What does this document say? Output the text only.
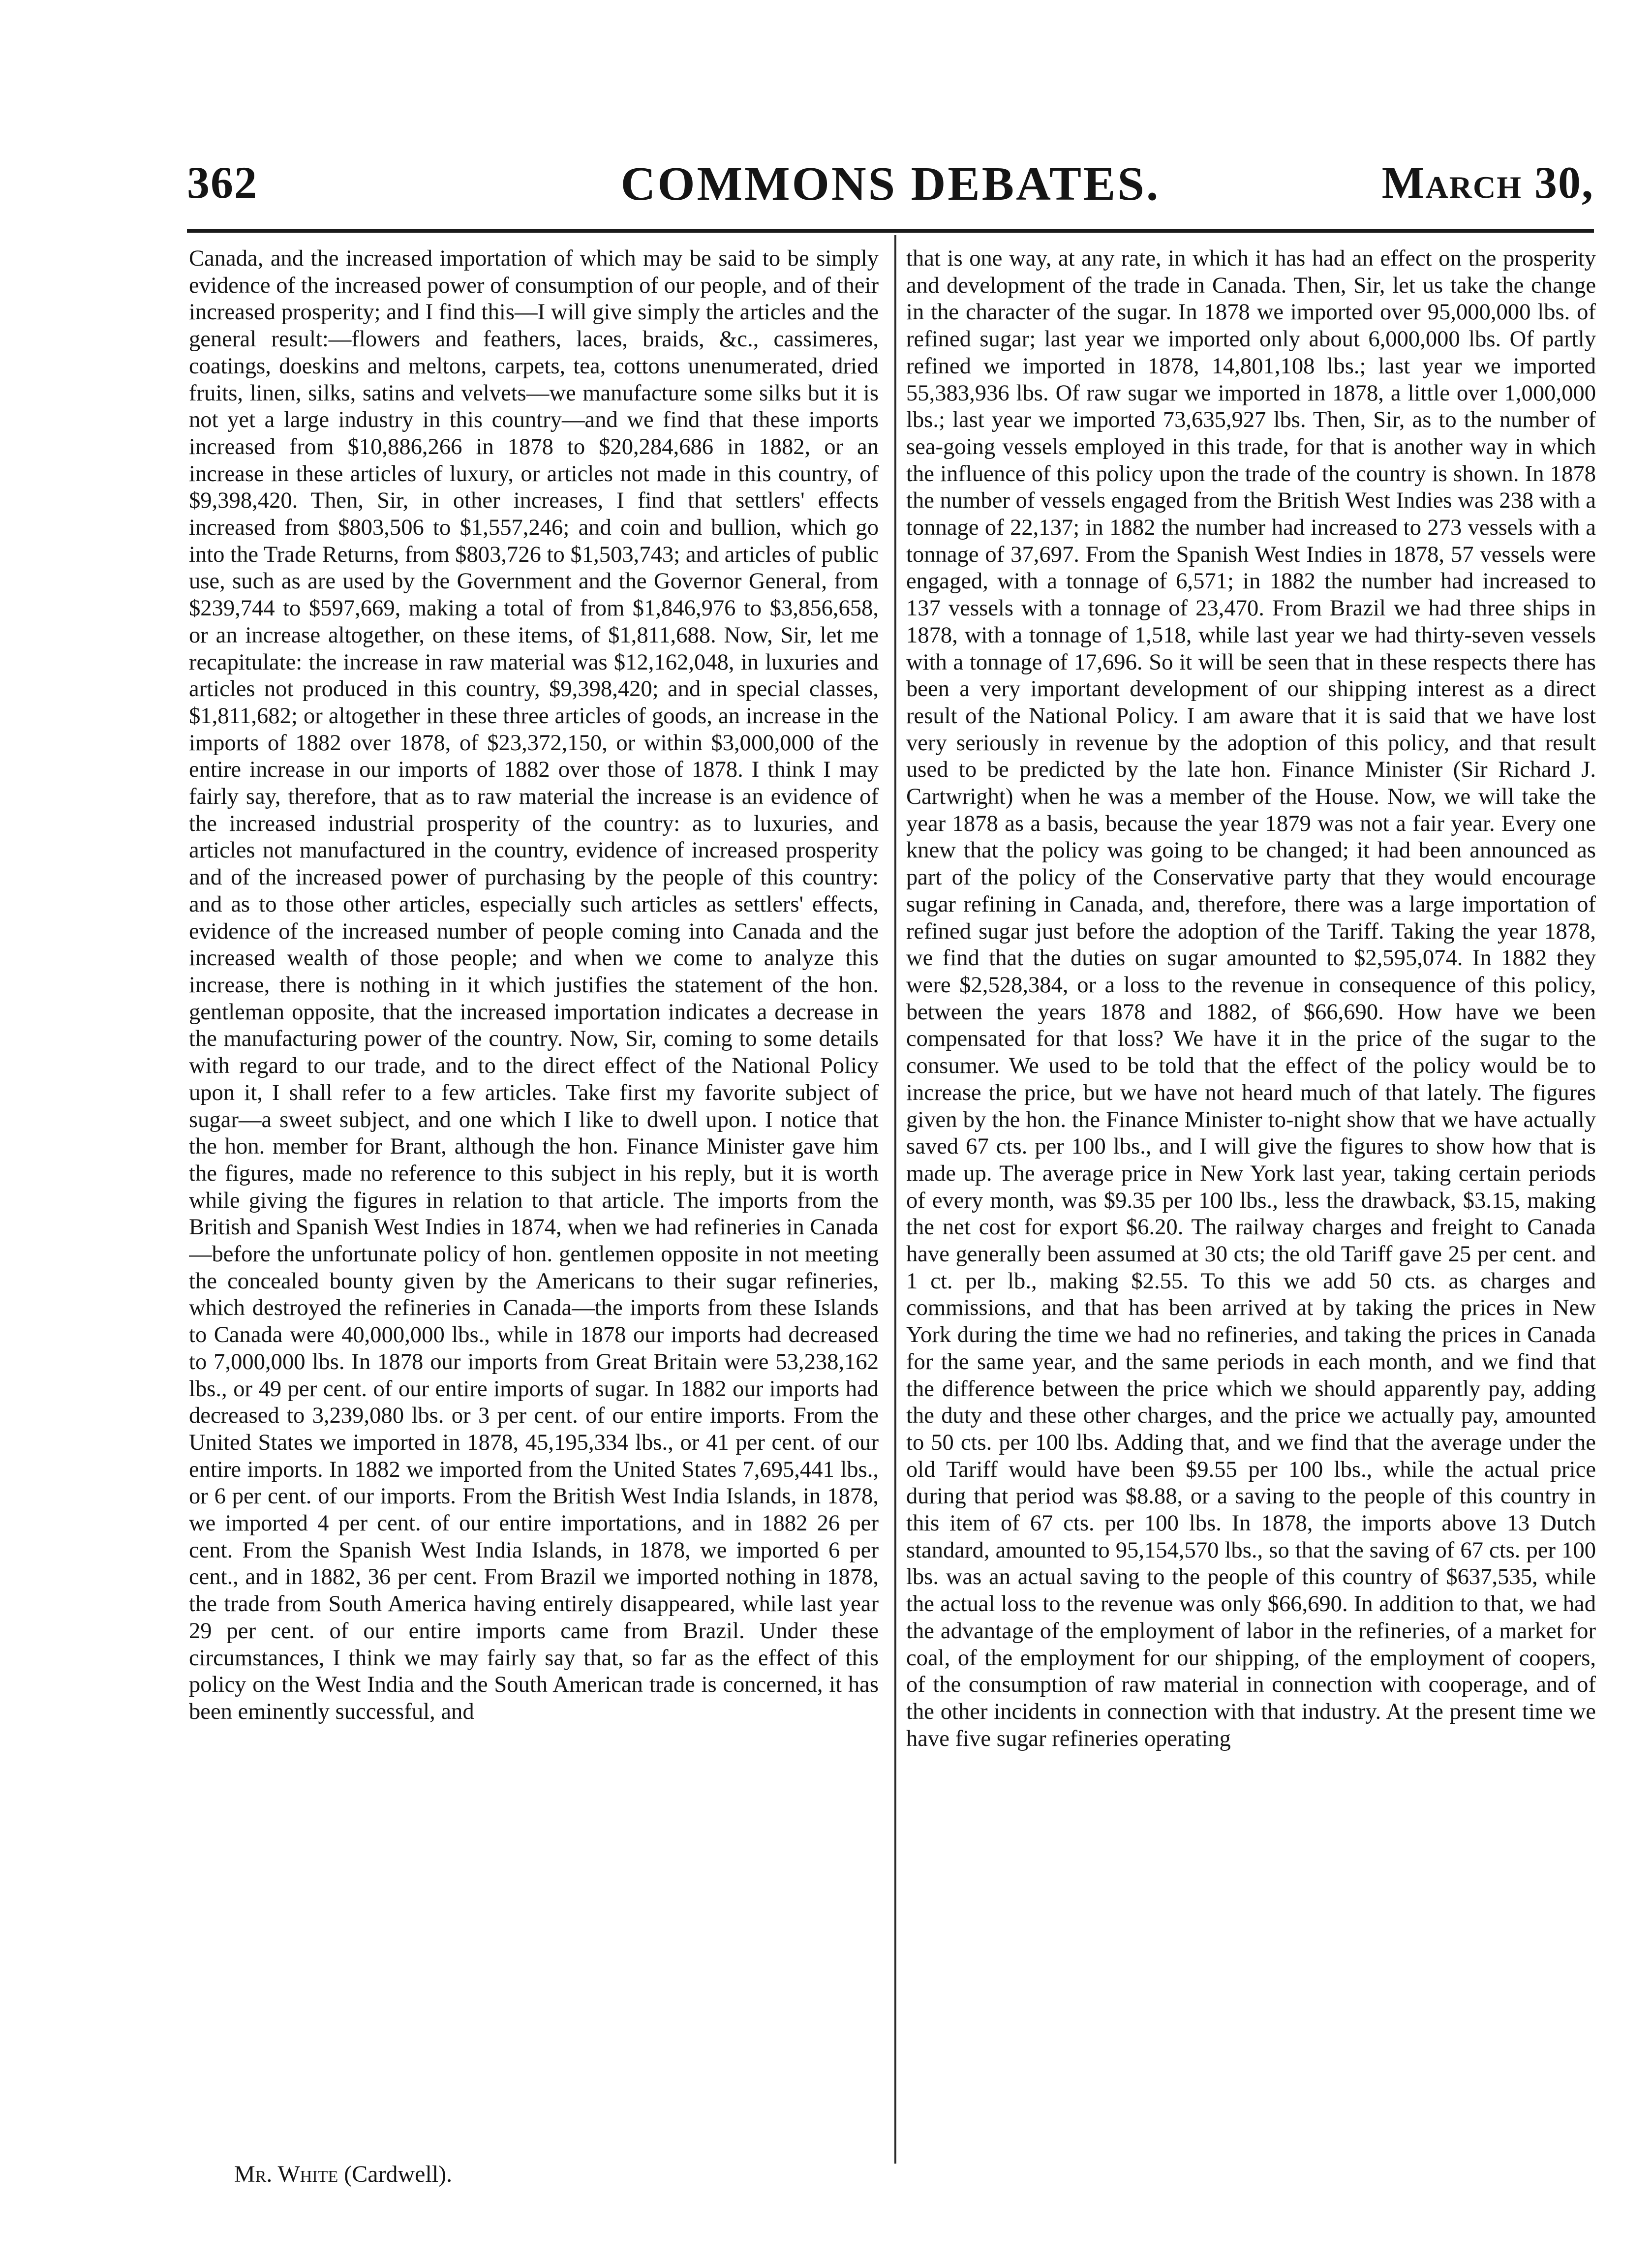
362	COMMONS DEBATES.	March 30,

Canada, and the increased importation of which may be said to be simply evidence of the increased power of consumption of our people, and of their increased prosperity; and I find this—I will give simply the articles and the general result:—flowers and feathers, laces, braids, &c., cassimeres, coatings, doeskins and meltons, carpets, tea, cottons unenumerated, dried fruits, linen, silks, satins and velvets—we manufacture some silks but it is not yet a large industry in this country—and we find that these imports increased from $10,886,266 in 1878 to $20,284,686 in 1882, or an increase in these articles of luxury, or articles not made in this country, of $9,398,420. Then, Sir, in other increases, I find that settlers' effects increased from $803,506 to $1,557,246; and coin and bullion, which go into the Trade Returns, from $803,726 to $1,503,743; and articles of public use, such as are used by the Government and the Governor General, from $239,744 to $597,669, making a total of from $1,846,976 to $3,856,658, or an increase altogether, on these items, of $1,811,688. Now, Sir, let me recapitulate: the increase in raw material was $12,162,048, in luxuries and articles not produced in this country, $9,398,420; and in special classes, $1,811,682; or altogether in these three articles of goods, an increase in the imports of 1882 over 1878, of $23,372,150, or within $3,000,000 of the entire increase in our imports of 1882 over those of 1878. I think I may fairly say, therefore, that as to raw material the increase is an evidence of the increased industrial prosperity of the country: as to luxuries, and articles not manufactured in the country, evidence of increased prosperity and of the increased power of purchasing by the people of this country: and as to those other articles, especially such articles as settlers' effects, evidence of the increased number of people coming into Canada and the increased wealth of those people; and when we come to analyze this increase, there is nothing in it which justifies the statement of the hon. gentleman opposite, that the increased importation indicates a decrease in the manufacturing power of the country. Now, Sir, coming to some details with regard to our trade, and to the direct effect of the National Policy upon it, I shall refer to a few articles. Take first my favorite subject of sugar—a sweet subject, and one which I like to dwell upon. I notice that the hon. member for Brant, although the hon. Finance Minister gave him the figures, made no reference to this subject in his reply, but it is worth while giving the figures in relation to that article. The imports from the British and Spanish West Indies in 1874, when we had refineries in Canada—before the unfortunate policy of hon. gentlemen opposite in not meeting the concealed bounty given by the Americans to their sugar refineries, which destroyed the refineries in Canada—the imports from these Islands to Canada were 40,000,000 lbs., while in 1878 our imports had decreased to 7,000,000 lbs. In 1878 our imports from Great Britain were 53,238,162 lbs., or 49 per cent. of our entire imports of sugar. In 1882 our imports had decreased to 3,239,080 lbs. or 3 per cent. of our entire imports. From the United States we imported in 1878, 45,195,334 lbs., or 41 per cent. of our entire imports. In 1882 we imported from the United States 7,695,441 lbs., or 6 per cent. of our imports. From the British West India Islands, in 1878, we imported 4 per cent. of our entire importations, and in 1882 26 per cent. From the Spanish West India Islands, in 1878, we imported 6 per cent., and in 1882, 36 per cent. From Brazil we imported nothing in 1878, the trade from South America having entirely disappeared, while last year 29 per cent. of our entire imports came from Brazil. Under these circumstances, I think we may fairly say that, so far as the effect of this policy on the West India and the South American trade is concerned, it has been eminently successful, and

that is one way, at any rate, in which it has had an effect on the prosperity and development of the trade in Canada. Then, Sir, let us take the change in the character of the sugar. In 1878 we imported over 95,000,000 lbs. of refined sugar; last year we imported only about 6,000,000 lbs. Of partly refined we imported in 1878, 14,801,108 lbs.; last year we imported 55,383,936 lbs. Of raw sugar we imported in 1878, a little over 1,000,000 lbs.; last year we imported 73,635,927 lbs. Then, Sir, as to the number of sea-going vessels employed in this trade, for that is another way in which the influence of this policy upon the trade of the country is shown. In 1878 the number of vessels engaged from the British West Indies was 238 with a tonnage of 22,137; in 1882 the number had increased to 273 vessels with a tonnage of 37,697. From the Spanish West Indies in 1878, 57 vessels were engaged, with a tonnage of 6,571; in 1882 the number had increased to 137 vessels with a tonnage of 23,470. From Brazil we had three ships in 1878, with a tonnage of 1,518, while last year we had thirty-seven vessels with a tonnage of 17,696. So it will be seen that in these respects there has been a very important development of our shipping interest as a direct result of the National Policy. I am aware that it is said that we have lost very seriously in revenue by the adoption of this policy, and that result used to be predicted by the late hon. Finance Minister (Sir Richard J. Cartwright) when he was a member of the House. Now, we will take the year 1878 as a basis, because the year 1879 was not a fair year. Every one knew that the policy was going to be changed; it had been announced as part of the policy of the Conservative party that they would encourage sugar refining in Canada, and, therefore, there was a large importation of refined sugar just before the adoption of the Tariff. Taking the year 1878, we find that the duties on sugar amounted to $2,595,074. In 1882 they were $2,528,384, or a loss to the revenue in consequence of this policy, between the years 1878 and 1882, of $66,690. How have we been compensated for that loss? We have it in the price of the sugar to the consumer. We used to be told that the effect of the policy would be to increase the price, but we have not heard much of that lately. The figures given by the hon. the Finance Minister to-night show that we have actually saved 67 cts. per 100 lbs., and I will give the figures to show how that is made up. The average price in New York last year, taking certain periods of every month, was $9.35 per 100 lbs., less the drawback, $3.15, making the net cost for export $6.20. The railway charges and freight to Canada have generally been assumed at 30 cts; the old Tariff gave 25 per cent. and 1 ct. per lb., making $2.55. To this we add 50 cts. as charges and commissions, and that has been arrived at by taking the prices in New York during the time we had no refineries, and taking the prices in Canada for the same year, and the same periods in each month, and we find that the difference between the price which we should apparently pay, adding the duty and these other charges, and the price we actually pay, amounted to 50 cts. per 100 lbs. Adding that, and we find that the average under the old Tariff would have been $9.55 per 100 lbs., while the actual price during that period was $8.88, or a saving to the people of this country in this item of 67 cts. per 100 lbs. In 1878, the imports above 13 Dutch standard, amounted to 95,154,570 lbs., so that the saving of 67 cts. per 100 lbs. was an actual saving to the people of this country of $637,535, while the actual loss to the revenue was only $66,690. In addition to that, we had the advantage of the employment of labor in the refineries, of a market for coal, of the employment for our shipping, of the employment of coopers, of the consumption of raw material in connection with cooperage, and of the other incidents in connection with that industry. At the present time we have five sugar refineries operating

Mr. White (Cardwell).
